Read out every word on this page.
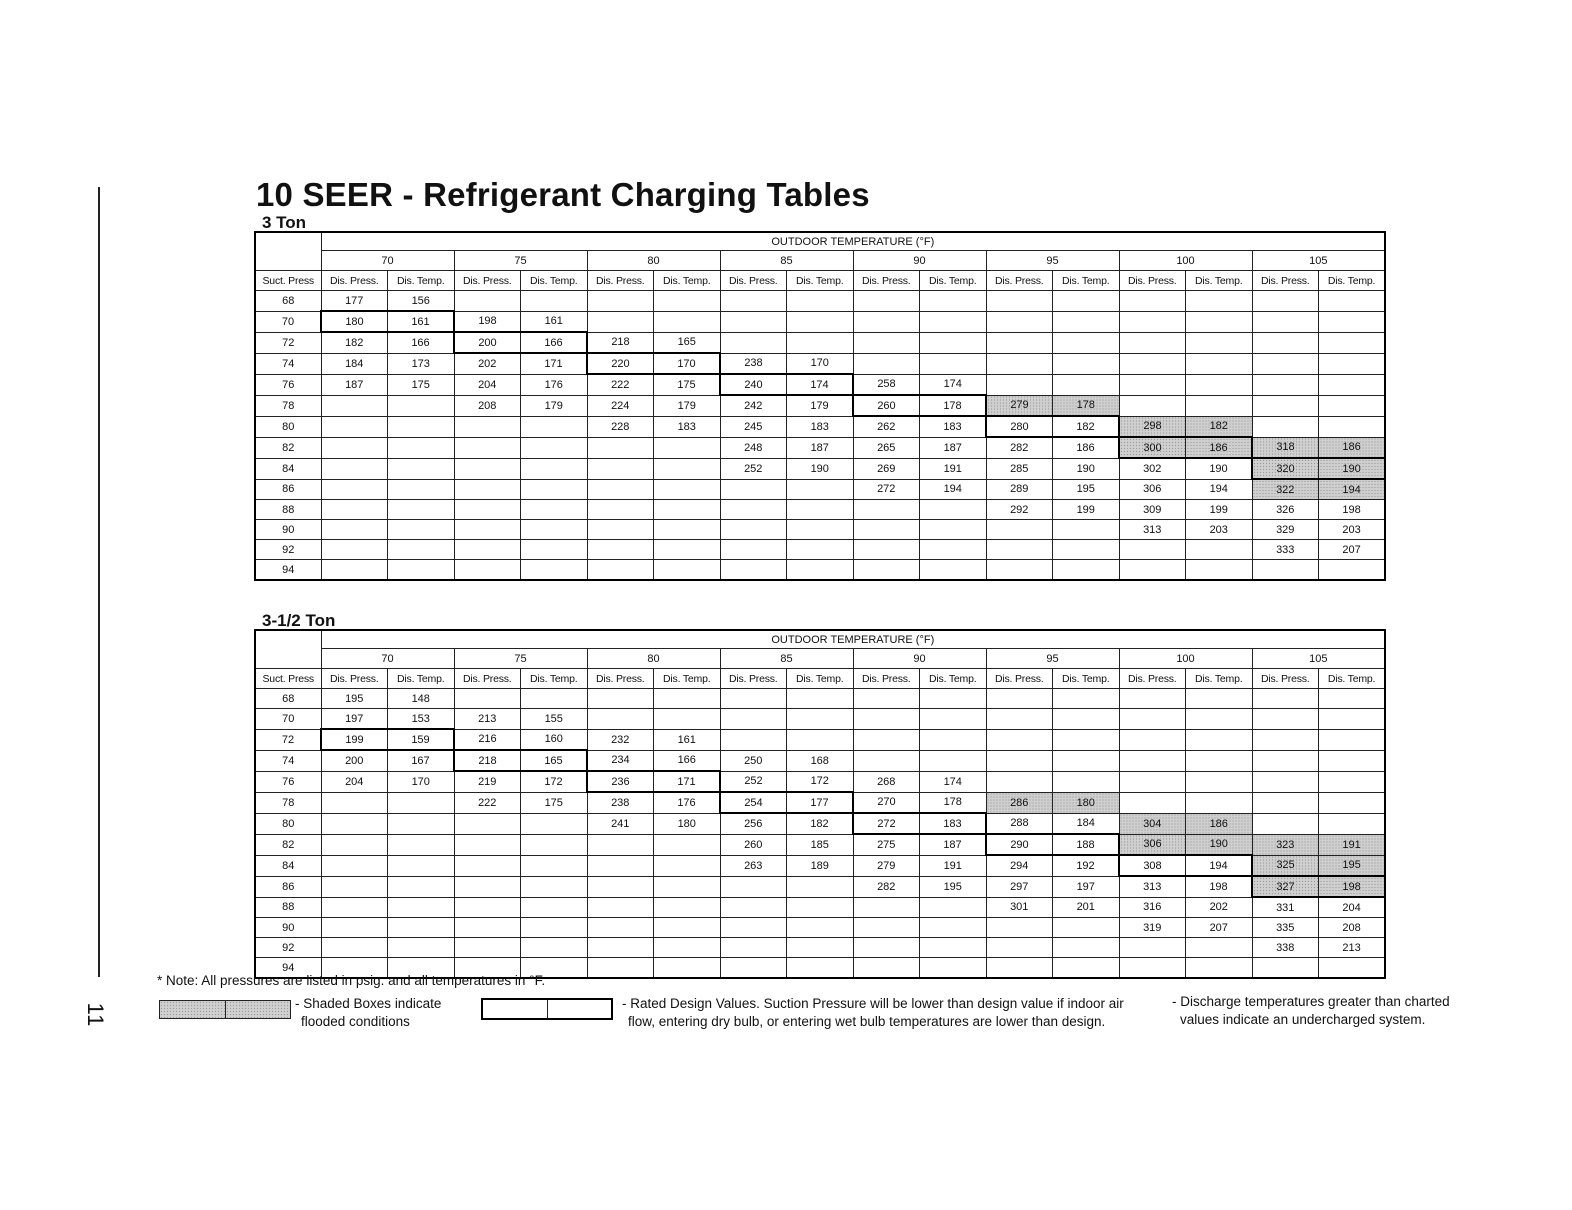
11
10 SEER - Refrigerant Charging Tables
3 Ton
	OUTDOOR TEMPERATURE (°F)															
	70		75		80		85		90		95		100		105	
Suct. Press	Dis. Press.	Dis. Temp.	Dis. Press.	Dis. Temp.	Dis. Press.	Dis. Temp.	Dis. Press.	Dis. Temp.	Dis. Press.	Dis. Temp.	Dis. Press.	Dis. Temp.	Dis. Press.	Dis. Temp.	Dis. Press.	Dis. Temp.
68	177	156														
70	180	161	198	161												
72	182	166	200	166	218	165										
74	184	173	202	171	220	170	238	170								
76	187	175	204	176	222	175	240	174	258	174						
78			208	179	224	179	242	179	260	178	279	178				
80					228	183	245	183	262	183	280	182	298	182		
82							248	187	265	187	282	186	300	186	318	186
84							252	190	269	191	285	190	302	190	320	190
86									272	194	289	195	306	194	322	194
88											292	199	309	199	326	198
90													313	203	329	203
92															333	207
94																
3-1/2 Ton
	OUTDOOR TEMPERATURE (°F)															
	70		75		80		85		90		95		100		105	
Suct. Press	Dis. Press.	Dis. Temp.	Dis. Press.	Dis. Temp.	Dis. Press.	Dis. Temp.	Dis. Press.	Dis. Temp.	Dis. Press.	Dis. Temp.	Dis. Press.	Dis. Temp.	Dis. Press.	Dis. Temp.	Dis. Press.	Dis. Temp.
68	195	148														
70	197	153	213	155												
72	199	159	216	160	232	161										
74	200	167	218	165	234	166	250	168								
76	204	170	219	172	236	171	252	172	268	174						
78			222	175	238	176	254	177	270	178	286	180				
80					241	180	256	182	272	183	288	184	304	186		
82							260	185	275	187	290	188	306	190	323	191
84							263	189	279	191	294	192	308	194	325	195
86									282	195	297	197	313	198	327	198
88											301	201	316	202	331	204
90													319	207	335	208
92															338	213
94																
* Note: All pressures are listed in psig. and all temperatures in °F.
- Shaded Boxes indicate
flooded conditions
- Rated Design Values. Suction Pressure will be lower than design value if indoor air
flow, entering dry bulb, or entering wet bulb temperatures are lower than design.
- Discharge temperatures greater than charted
values indicate an undercharged system.
